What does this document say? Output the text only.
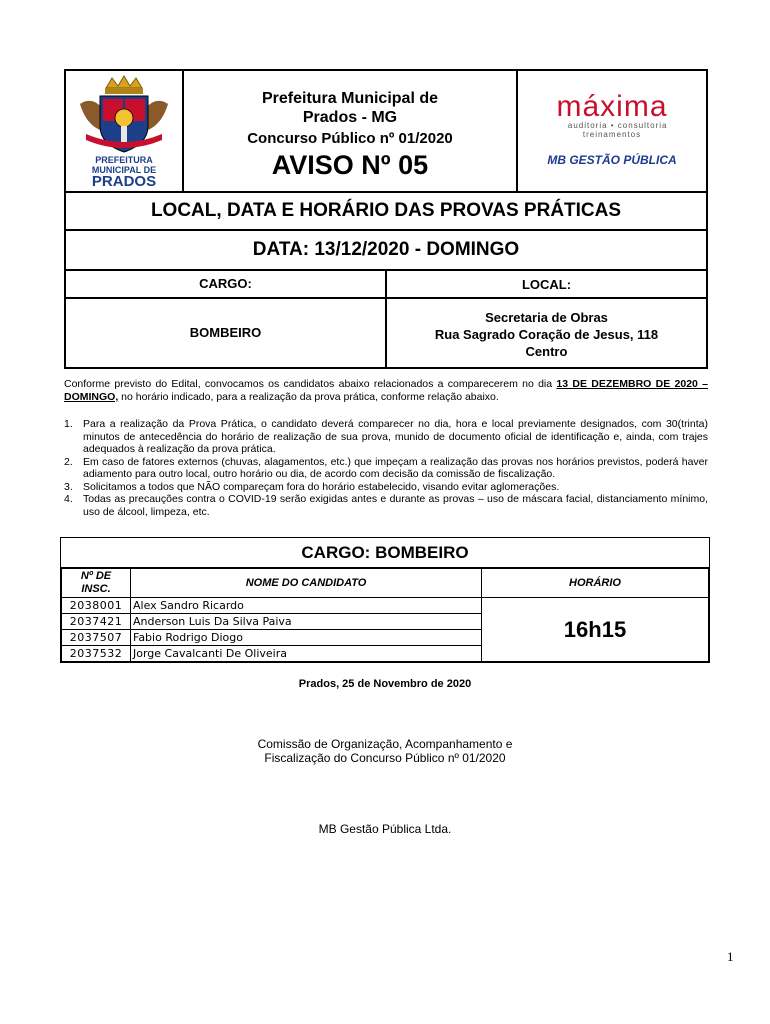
PREFEITURA
MUNICIPAL DE
PRADOS
Prefeitura Municipal de
Prados - MG
Concurso Público nº 01/2020
AVISO Nº 05
máxima
auditoria • consultoria
treinamentos
MB GESTÃO PÚBLICA
LOCAL, DATA E HORÁRIO DAS PROVAS PRÁTICAS
DATA: 13/12/2020 - DOMINGO
CARGO:	LOCAL:
BOMBEIRO
Secretaria de Obras
Rua Sagrado Coração de Jesus, 118
Centro
Conforme previsto do Edital, convocamos os candidatos abaixo relacionados a comparecerem no dia 13 DE DEZEMBRO DE 2020 – DOMINGO, no horário indicado, para a realização da prova prática, conforme relação abaixo.
1. Para a realização da Prova Prática, o candidato deverá comparecer no dia, hora e local previamente designados, com 30(trinta) minutos de antecedência do horário de realização de sua prova, munido de documento oficial de identificação e, ainda, com trajes adequados à realização da prova prática.
2. Em caso de fatores externos (chuvas, alagamentos, etc.) que impeçam a realização das provas nos horários previstos, poderá haver adiamento para outro local, outro horário ou dia, de acordo com decisão da comissão de fiscalização.
3. Solicitamos a todos que NÃO compareçam fora do horário estabelecido, visando evitar aglomerações.
4. Todas as precauções contra o COVID-19 serão exigidas antes e durante as provas – uso de máscara facial, distanciamento mínimo, uso de álcool, limpeza, etc.
CARGO: BOMBEIRO
Nº DE
INSC.	NOME DO CANDIDATO	HORÁRIO
2038001	Alex Sandro Ricardo	16h15
2037421	Anderson Luis Da Silva Paiva	
2037507	Fabio Rodrigo Diogo	
2037532	Jorge Cavalcanti De Oliveira	
Prados, 25 de Novembro de 2020
Comissão de Organização, Acompanhamento e
Fiscalização do Concurso Público nº 01/2020
MB Gestão Pública Ltda.
1
